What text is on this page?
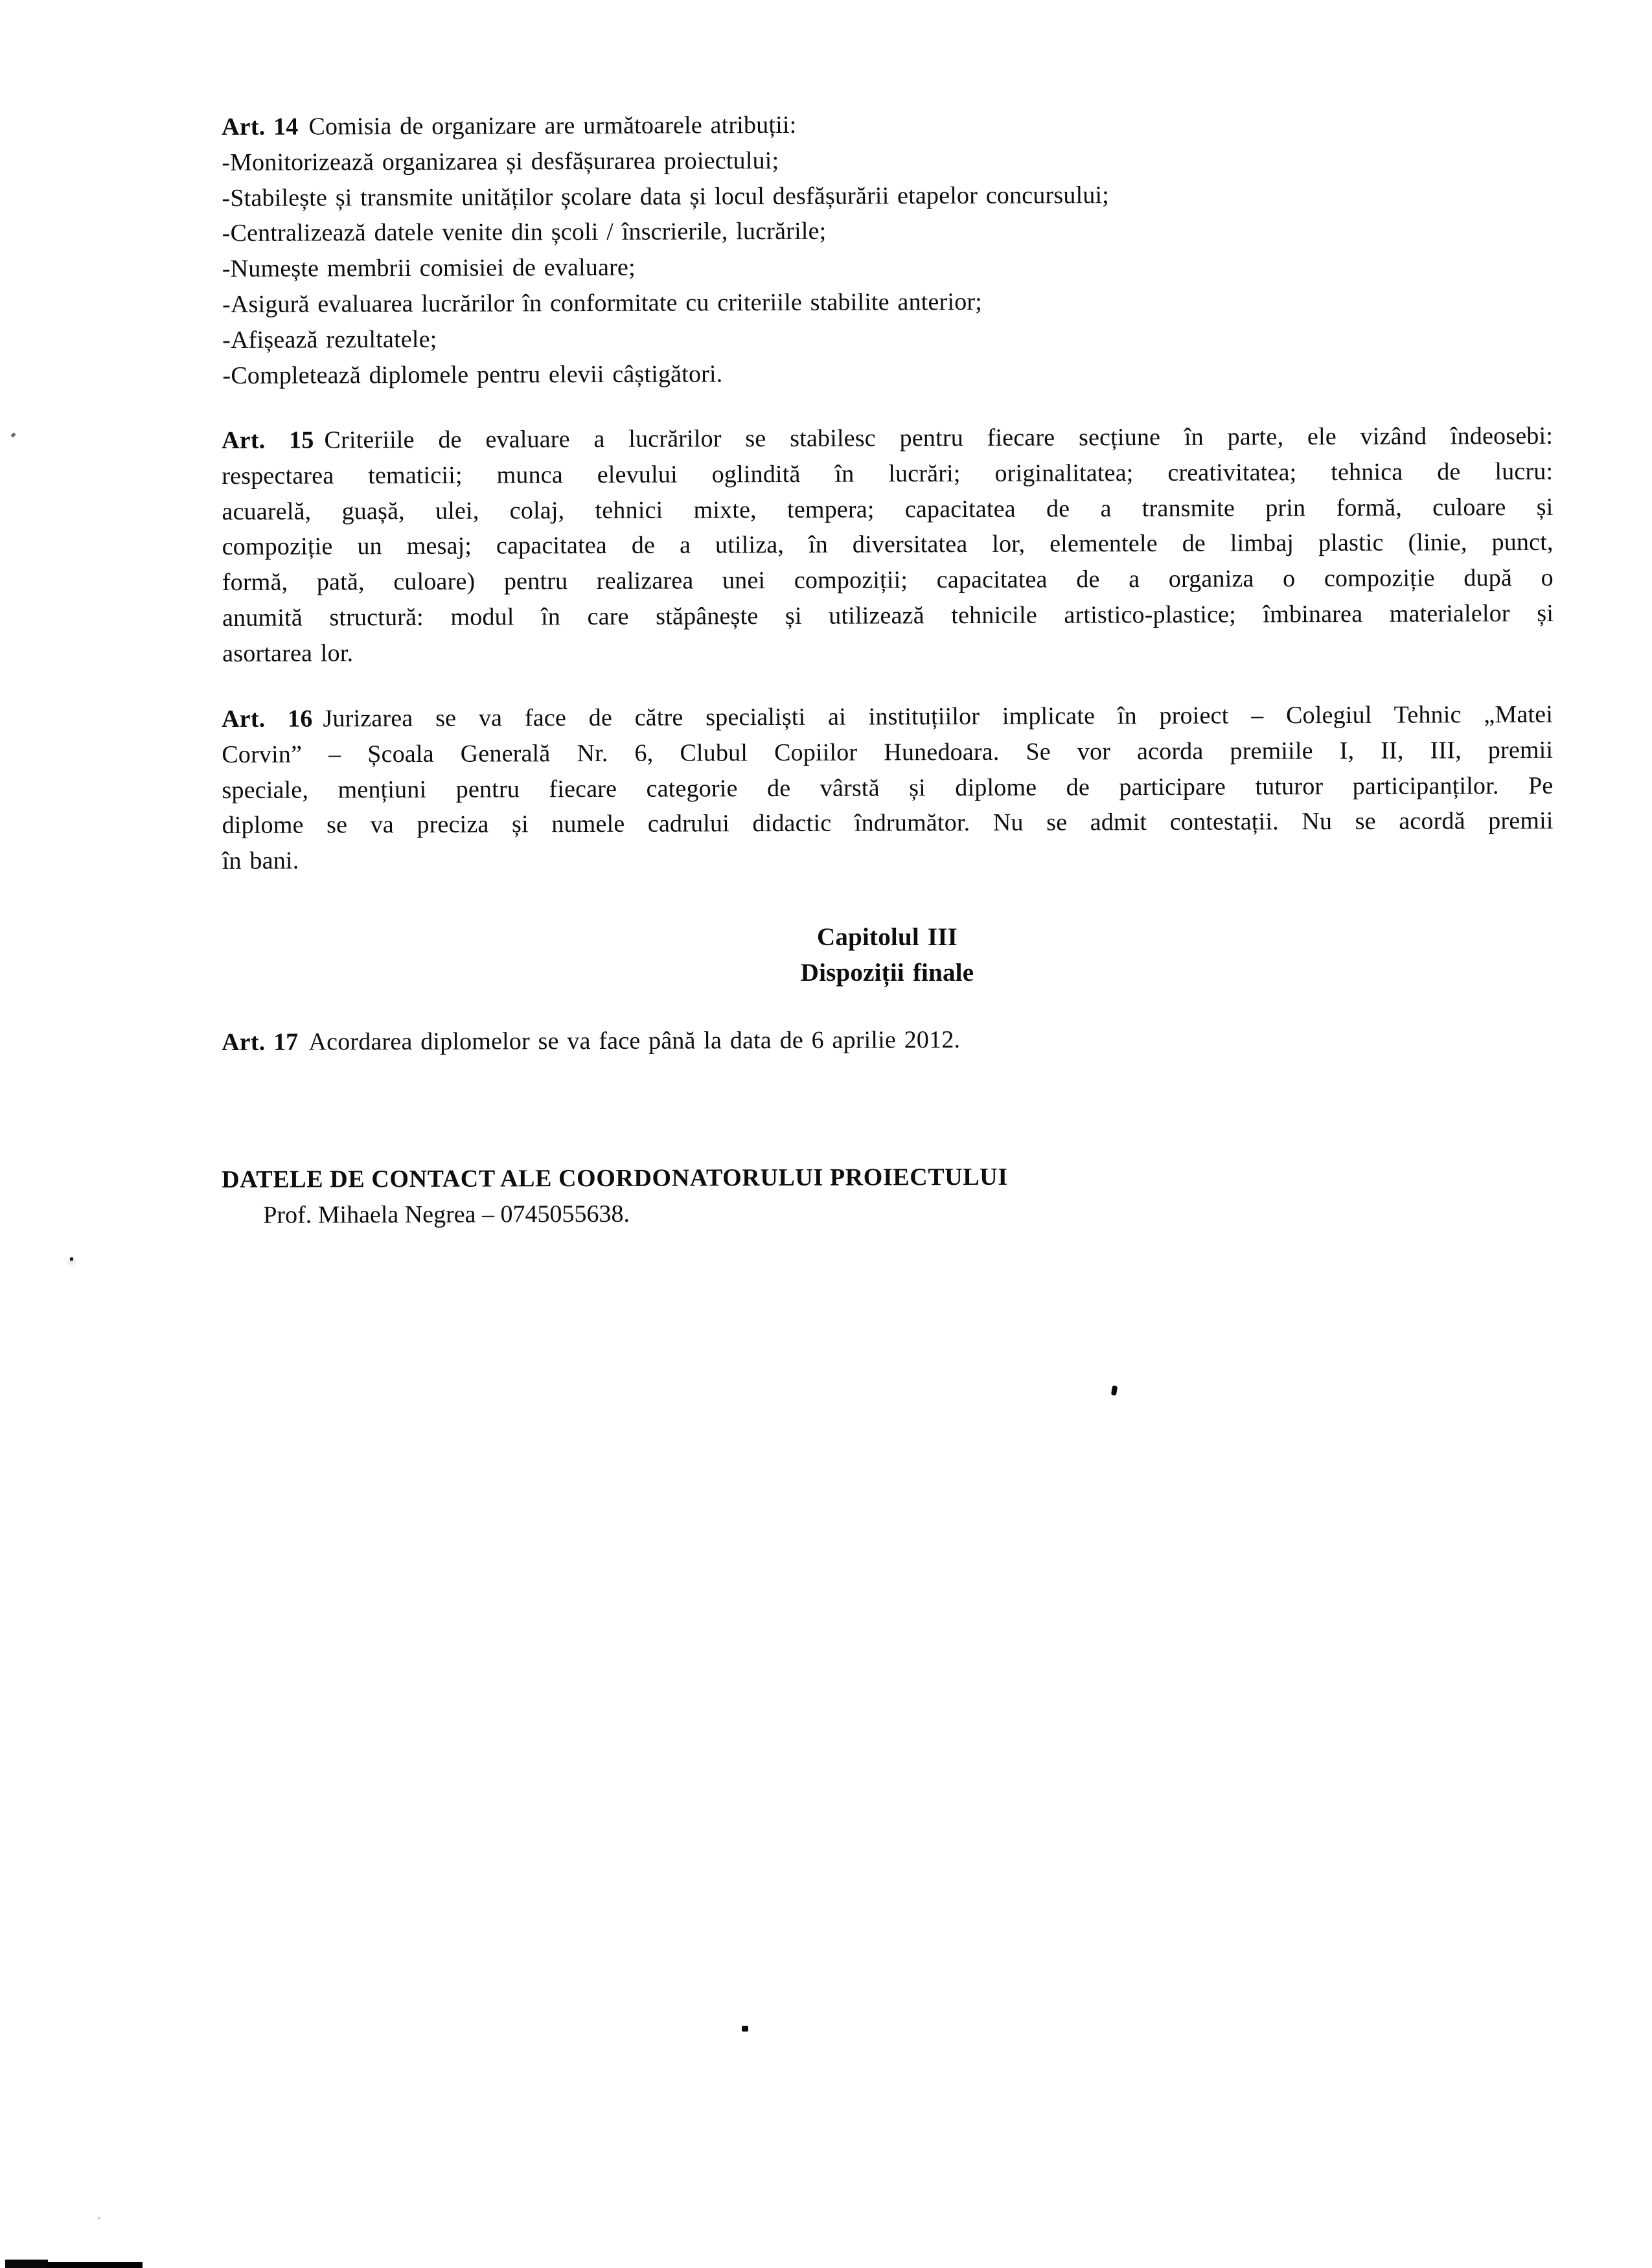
Art. 14 Comisia de organizare are următoarele atribuții:
-Monitorizează organizarea și desfășurarea proiectului;
-Stabilește și transmite unităților școlare data și locul desfășurării etapelor concursului;
-Centralizează datele venite din școli / înscrierile, lucrările;
-Numește membrii comisiei de evaluare;
-Asigură evaluarea lucrărilor în conformitate cu criteriile stabilite anterior;
-Afișează rezultatele;
-Completează diplomele pentru elevii câștigători.
Art. 15 Criteriile de evaluare a lucrărilor se stabilesc pentru fiecare secțiune în parte, ele vizând îndeosebi:
respectarea tematicii; munca elevului oglindită în lucrări; originalitatea; creativitatea; tehnica de lucru:
acuarelă, guașă, ulei, colaj, tehnici mixte, tempera; capacitatea de a transmite prin formă, culoare și
compoziție un mesaj; capacitatea de a utiliza, în diversitatea lor, elementele de limbaj plastic (linie, punct,
formă, pată, culoare) pentru realizarea unei compoziții; capacitatea de a organiza o compoziție după o
anumită structură: modul în care stăpânește și utilizează tehnicile artistico-plastice; îmbinarea materialelor și
asortarea lor.
Art. 16 Jurizarea se va face de către specialiști ai instituțiilor implicate în proiect – Colegiul Tehnic „Matei
Corvin” – Școala Generală Nr. 6, Clubul Copiilor Hunedoara. Se vor acorda premiile I, II, III, premii
speciale, mențiuni pentru fiecare categorie de vârstă și diplome de participare tuturor participanților. Pe
diplome se va preciza și numele cadrului didactic îndrumător. Nu se admit contestații. Nu se acordă premii
în bani.
Capitolul III
Dispoziții finale
Art. 17 Acordarea diplomelor se va face până la data de 6 aprilie 2012.
DATELE DE CONTACT ALE COORDONATORULUI PROIECTULUI
Prof. Mihaela Negrea – 0745055638.
